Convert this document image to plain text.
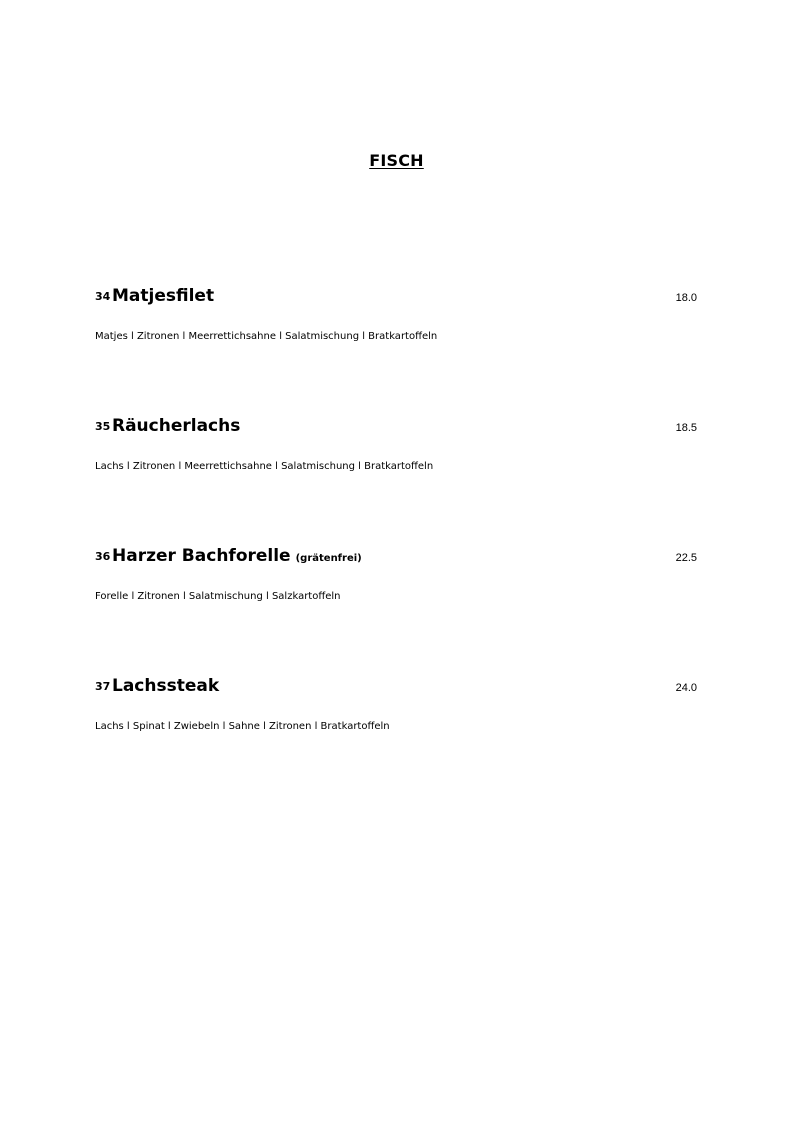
FISCH
34 Matjesfilet	18.0
Matjes l Zitronen l Meerrettichsahne l Salatmischung l Bratkartoffeln
35 Räucherlachs	18.5
Lachs l Zitronen l Meerrettichsahne l Salatmischung l Bratkartoffeln
36 Harzer Bachforelle (grätenfrei)	22.5
Forelle l Zitronen l Salatmischung l Salzkartoffeln
37 Lachssteak	24.0
Lachs l Spinat l Zwiebeln l Sahne l Zitronen l Bratkartoffeln
